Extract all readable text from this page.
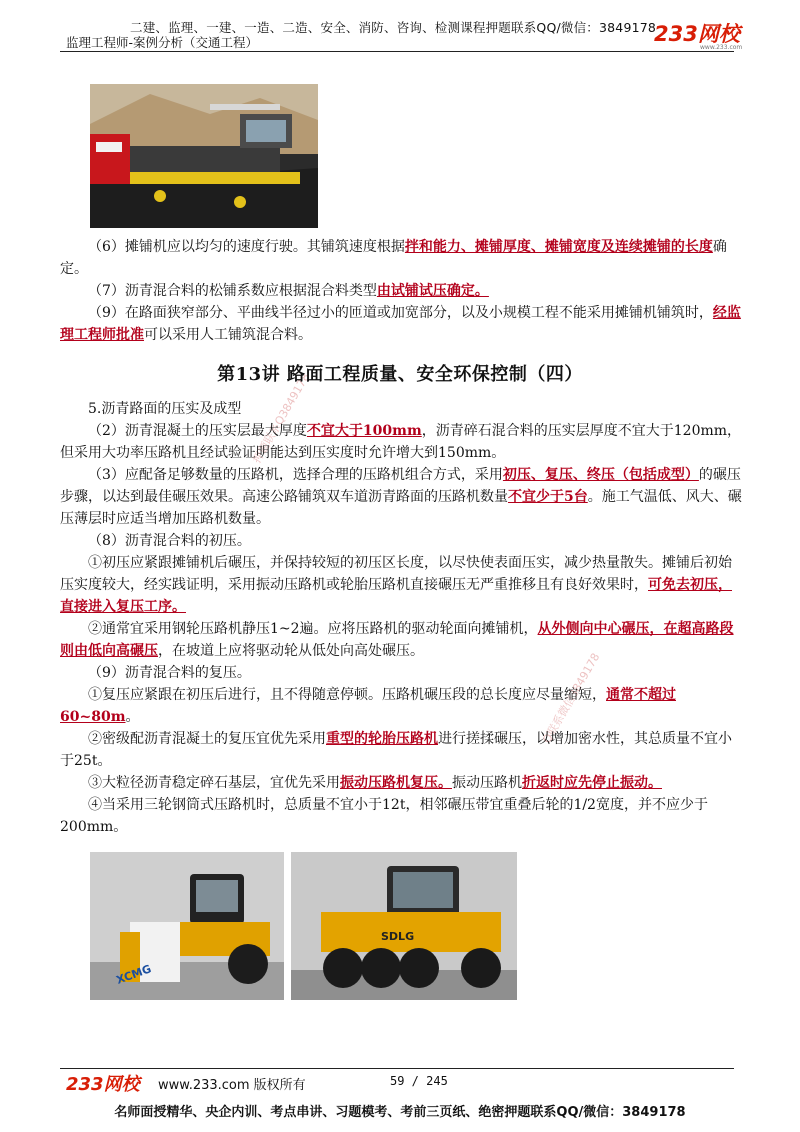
二建、监理、一建、一造、二造、安全、消防、咨询、检测课程押题联系QQ/微信：3849178
监理工程师-案例分析（交通工程）	233网校
www.233.com
押题联系Q3849178
Q联系微信3849178

（6）摊铺机应以均匀的速度行驶。其铺筑速度根据拌和能力、摊铺厚度、摊铺宽度及连续摊铺的长度确定。

（7）沥青混合料的松铺系数应根据混合料类型由试铺试压确定。

（9）在路面狭窄部分、平曲线半径过小的匝道或加宽部分，以及小规模工程不能采用摊铺机铺筑时，经监理工程师批准可以采用人工铺筑混合料。

第13讲 路面工程质量、安全环保控制（四）

5.沥青路面的压实及成型

（2）沥青混凝土的压实层最大厚度不宜大于100mm，沥青碎石混合料的压实层厚度不宜大于120mm，但采用大功率压路机且经试验证明能达到压实度时允许增大到150mm。

（3）应配备足够数量的压路机，选择合理的压路机组合方式，采用初压、复压、终压（包括成型）的碾压步骤，以达到最佳碾压效果。高速公路铺筑双车道沥青路面的压路机数量不宜少于5台。施工气温低、风大、碾压薄层时应适当增加压路机数量。

（8）沥青混合料的初压。

①初压应紧跟摊铺机后碾压，并保持较短的初压区长度，以尽快使表面压实，减少热量散失。摊铺后初始压实度较大，经实践证明，采用振动压路机或轮胎压路机直接碾压无严重推移且有良好效果时，可免去初压，直接进入复压工序。

②通常宜采用钢轮压路机静压1~2遍。应将压路机的驱动轮面向摊铺机，从外侧向中心碾压，在超高路段则由低向高碾压，在坡道上应将驱动轮从低处向高处碾压。

（9）沥青混合料的复压。

①复压应紧跟在初压后进行，且不得随意停顿。压路机碾压段的总长度应尽量缩短，通常不超过60~80m。

②密级配沥青混凝土的复压宜优先采用重型的轮胎压路机进行搓揉碾压，以增加密水性，其总质量不宜小于25t。

③大粒径沥青稳定碎石基层，宜优先采用振动压路机复压。振动压路机折返时应先停止振动。

④当采用三轮钢筒式压路机时，总质量不宜小于12t，相邻碾压带宜重叠后轮的1/2宽度，并不应少于200mm。

XCMG
SDLG
233网校 www.233.com 版权所有	59 / 245
名师面授精华、央企内训、考点串讲、习题模考、考前三页纸、绝密押题联系QQ/微信：3849178
